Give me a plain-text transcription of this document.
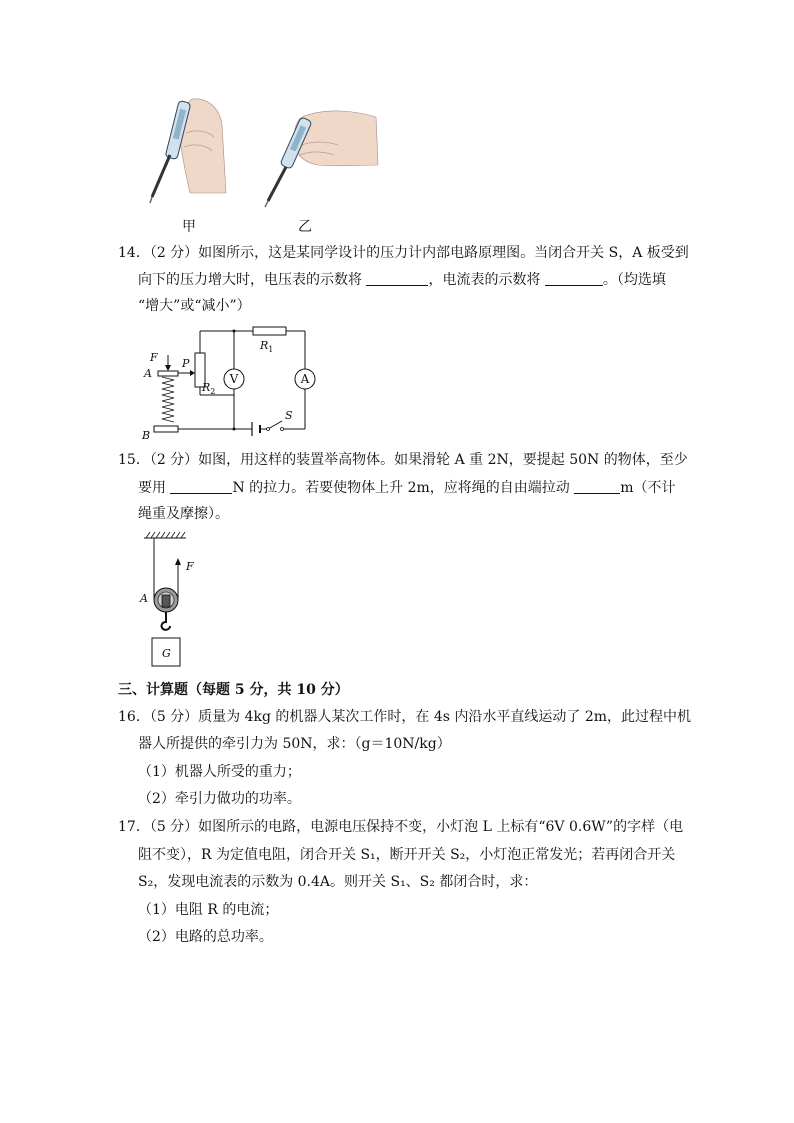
甲	乙
14．（2 分）如图所示，这是某同学设计的压力计内部电路原理图。当闭合开关 S，A 板受到
向下的压力增大时，电压表的示数将	，电流表的示数将	。（均选填
“增大”或“减小”）
F
A
P
$R_2$
$R_1$
S
B
V	A
15．（2 分）如图，用这样的装置举高物体。如果滑轮 A 重 2N，要提起 50N 的物体，至少
要用	N 的拉力。若要使物体上升 2m，应将绳的自由端拉动	m（不计
绳重及摩擦）。
F
A
G
三、计算题（每题 5 分，共 10 分）
16．（5 分）质量为 4kg 的机器人某次工作时，在 4s 内沿水平直线运动了 2m，此过程中机
器人所提供的牵引力为 50N，求：（g＝10N/kg）
（1）机器人所受的重力；
（2）牵引力做功的功率。
17．（5 分）如图所示的电路，电源电压保持不变，小灯泡 L 上标有“6V 0.6W”的字样（电
阻不变），R 为定值电阻，闭合开关 S₁，断开开关 S₂，小灯泡正常发光；若再闭合开关
S₂，发现电流表的示数为 0.4A。则开关 S₁、S₂ 都闭合时，求：
（1）电阻 R 的电流；
（2）电路的总功率。
